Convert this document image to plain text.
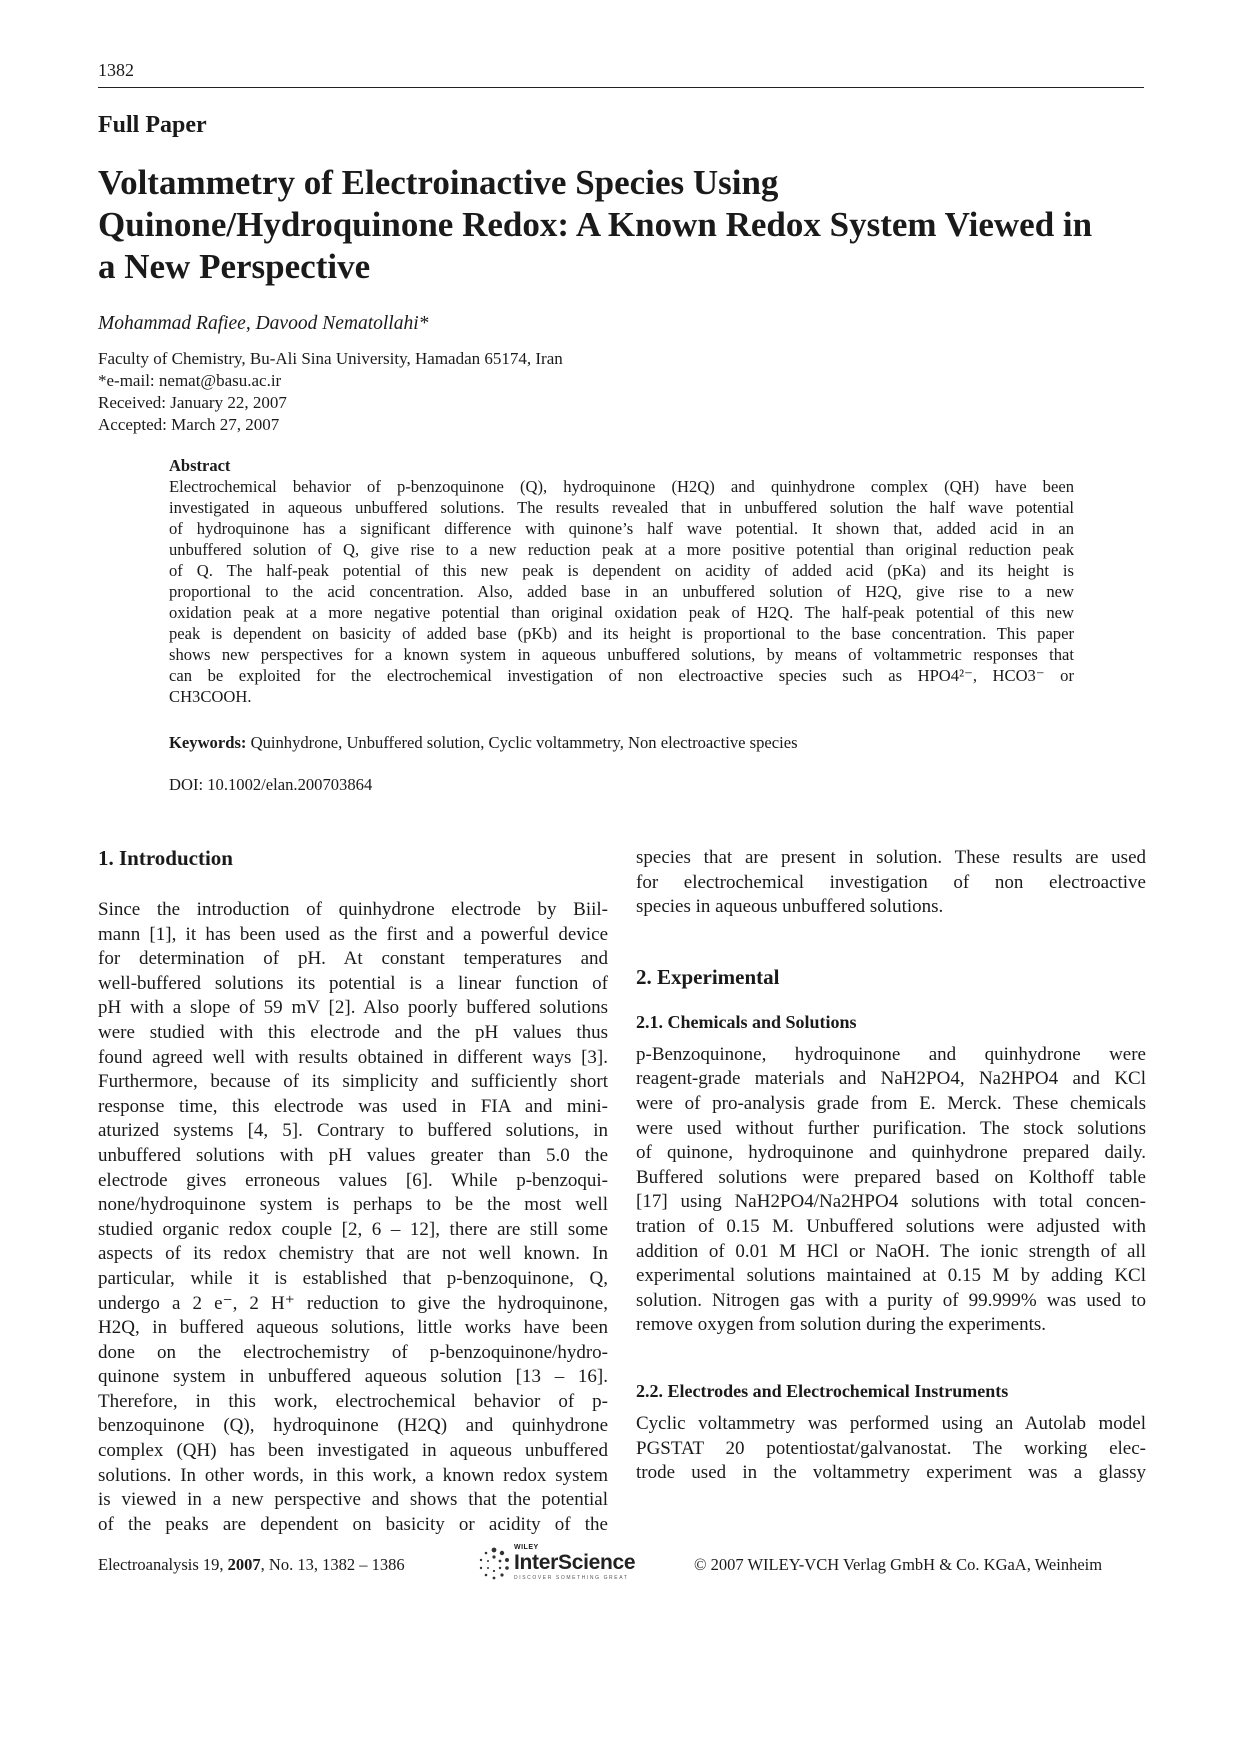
1382
Full Paper
Voltammetry of Electroinactive Species Using
Quinone/Hydroquinone Redox: A Known Redox System Viewed in
a New Perspective
Mohammad Rafiee, Davood Nematollahi*
Faculty of Chemistry, Bu-Ali Sina University, Hamadan 65174, Iran
*e-mail: nemat@basu.ac.ir
Received: January 22, 2007
Accepted: March 27, 2007
Abstract
Electrochemical behavior of p-benzoquinone (Q), hydroquinone (H2Q) and quinhydrone complex (QH) have been
investigated in aqueous unbuffered solutions. The results revealed that in unbuffered solution the half wave potential
of hydroquinone has a significant difference with quinone’s half wave potential. It shown that, added acid in an
unbuffered solution of Q, give rise to a new reduction peak at a more positive potential than original reduction peak
of Q. The half-peak potential of this new peak is dependent on acidity of added acid (pKa) and its height is
proportional to the acid concentration. Also, added base in an unbuffered solution of H2Q, give rise to a new
oxidation peak at a more negative potential than original oxidation peak of H2Q. The half-peak potential of this new
peak is dependent on basicity of added base (pKb) and its height is proportional to the base concentration. This paper
shows new perspectives for a known system in aqueous unbuffered solutions, by means of voltammetric responses that
can be exploited for the electrochemical investigation of non electroactive species such as HPO4²⁻, HCO3⁻ or
CH3COOH.
Keywords: Quinhydrone, Unbuffered solution, Cyclic voltammetry, Non electroactive species
DOI: 10.1002/elan.200703864
1. Introduction
Since the introduction of quinhydrone electrode by Biil-
mann [1], it has been used as the first and a powerful device
for determination of pH. At constant temperatures and
well-buffered solutions its potential is a linear function of
pH with a slope of 59 mV [2]. Also poorly buffered solutions
were studied with this electrode and the pH values thus
found agreed well with results obtained in different ways [3].
Furthermore, because of its simplicity and sufficiently short
response time, this electrode was used in FIA and mini-
aturized systems [4, 5]. Contrary to buffered solutions, in
unbuffered solutions with pH values greater than 5.0 the
electrode gives erroneous values [6]. While p-benzoqui-
none/hydroquinone system is perhaps to be the most well
studied organic redox couple [2, 6 – 12], there are still some
aspects of its redox chemistry that are not well known. In
particular, while it is established that p-benzoquinone, Q,
undergo a 2 e⁻, 2 H⁺ reduction to give the hydroquinone,
H2Q, in buffered aqueous solutions, little works have been
done on the electrochemistry of p-benzoquinone/hydro-
quinone system in unbuffered aqueous solution [13 – 16].
Therefore, in this work, electrochemical behavior of p-
benzoquinone (Q), hydroquinone (H2Q) and quinhydrone
complex (QH) has been investigated in aqueous unbuffered
solutions. In other words, in this work, a known redox system
is viewed in a new perspective and shows that the potential
of the peaks are dependent on basicity or acidity of the
species that are present in solution. These results are used
for electrochemical investigation of non electroactive
species in aqueous unbuffered solutions.
2. Experimental
2.1. Chemicals and Solutions
p-Benzoquinone, hydroquinone and quinhydrone were
reagent-grade materials and NaH2PO4, Na2HPO4 and KCl
were of pro-analysis grade from E. Merck. These chemicals
were used without further purification. The stock solutions
of quinone, hydroquinone and quinhydrone prepared daily.
Buffered solutions were prepared based on Kolthoff table
[17] using NaH2PO4/Na2HPO4 solutions with total concen-
tration of 0.15 M. Unbuffered solutions were adjusted with
addition of 0.01 M HCl or NaOH. The ionic strength of all
experimental solutions maintained at 0.15 M by adding KCl
solution. Nitrogen gas with a purity of 99.999% was used to
remove oxygen from solution during the experiments.
2.2. Electrodes and Electrochemical Instruments
Cyclic voltammetry was performed using an Autolab model
PGSTAT 20 potentiostat/galvanostat. The working elec-
trode used in the voltammetry experiment was a glassy
Electroanalysis 19, 2007, No. 13, 1382 – 1386
WILEY
InterScience
DISCOVER SOMETHING GREAT
© 2007 WILEY-VCH Verlag GmbH & Co. KGaA, Weinheim
